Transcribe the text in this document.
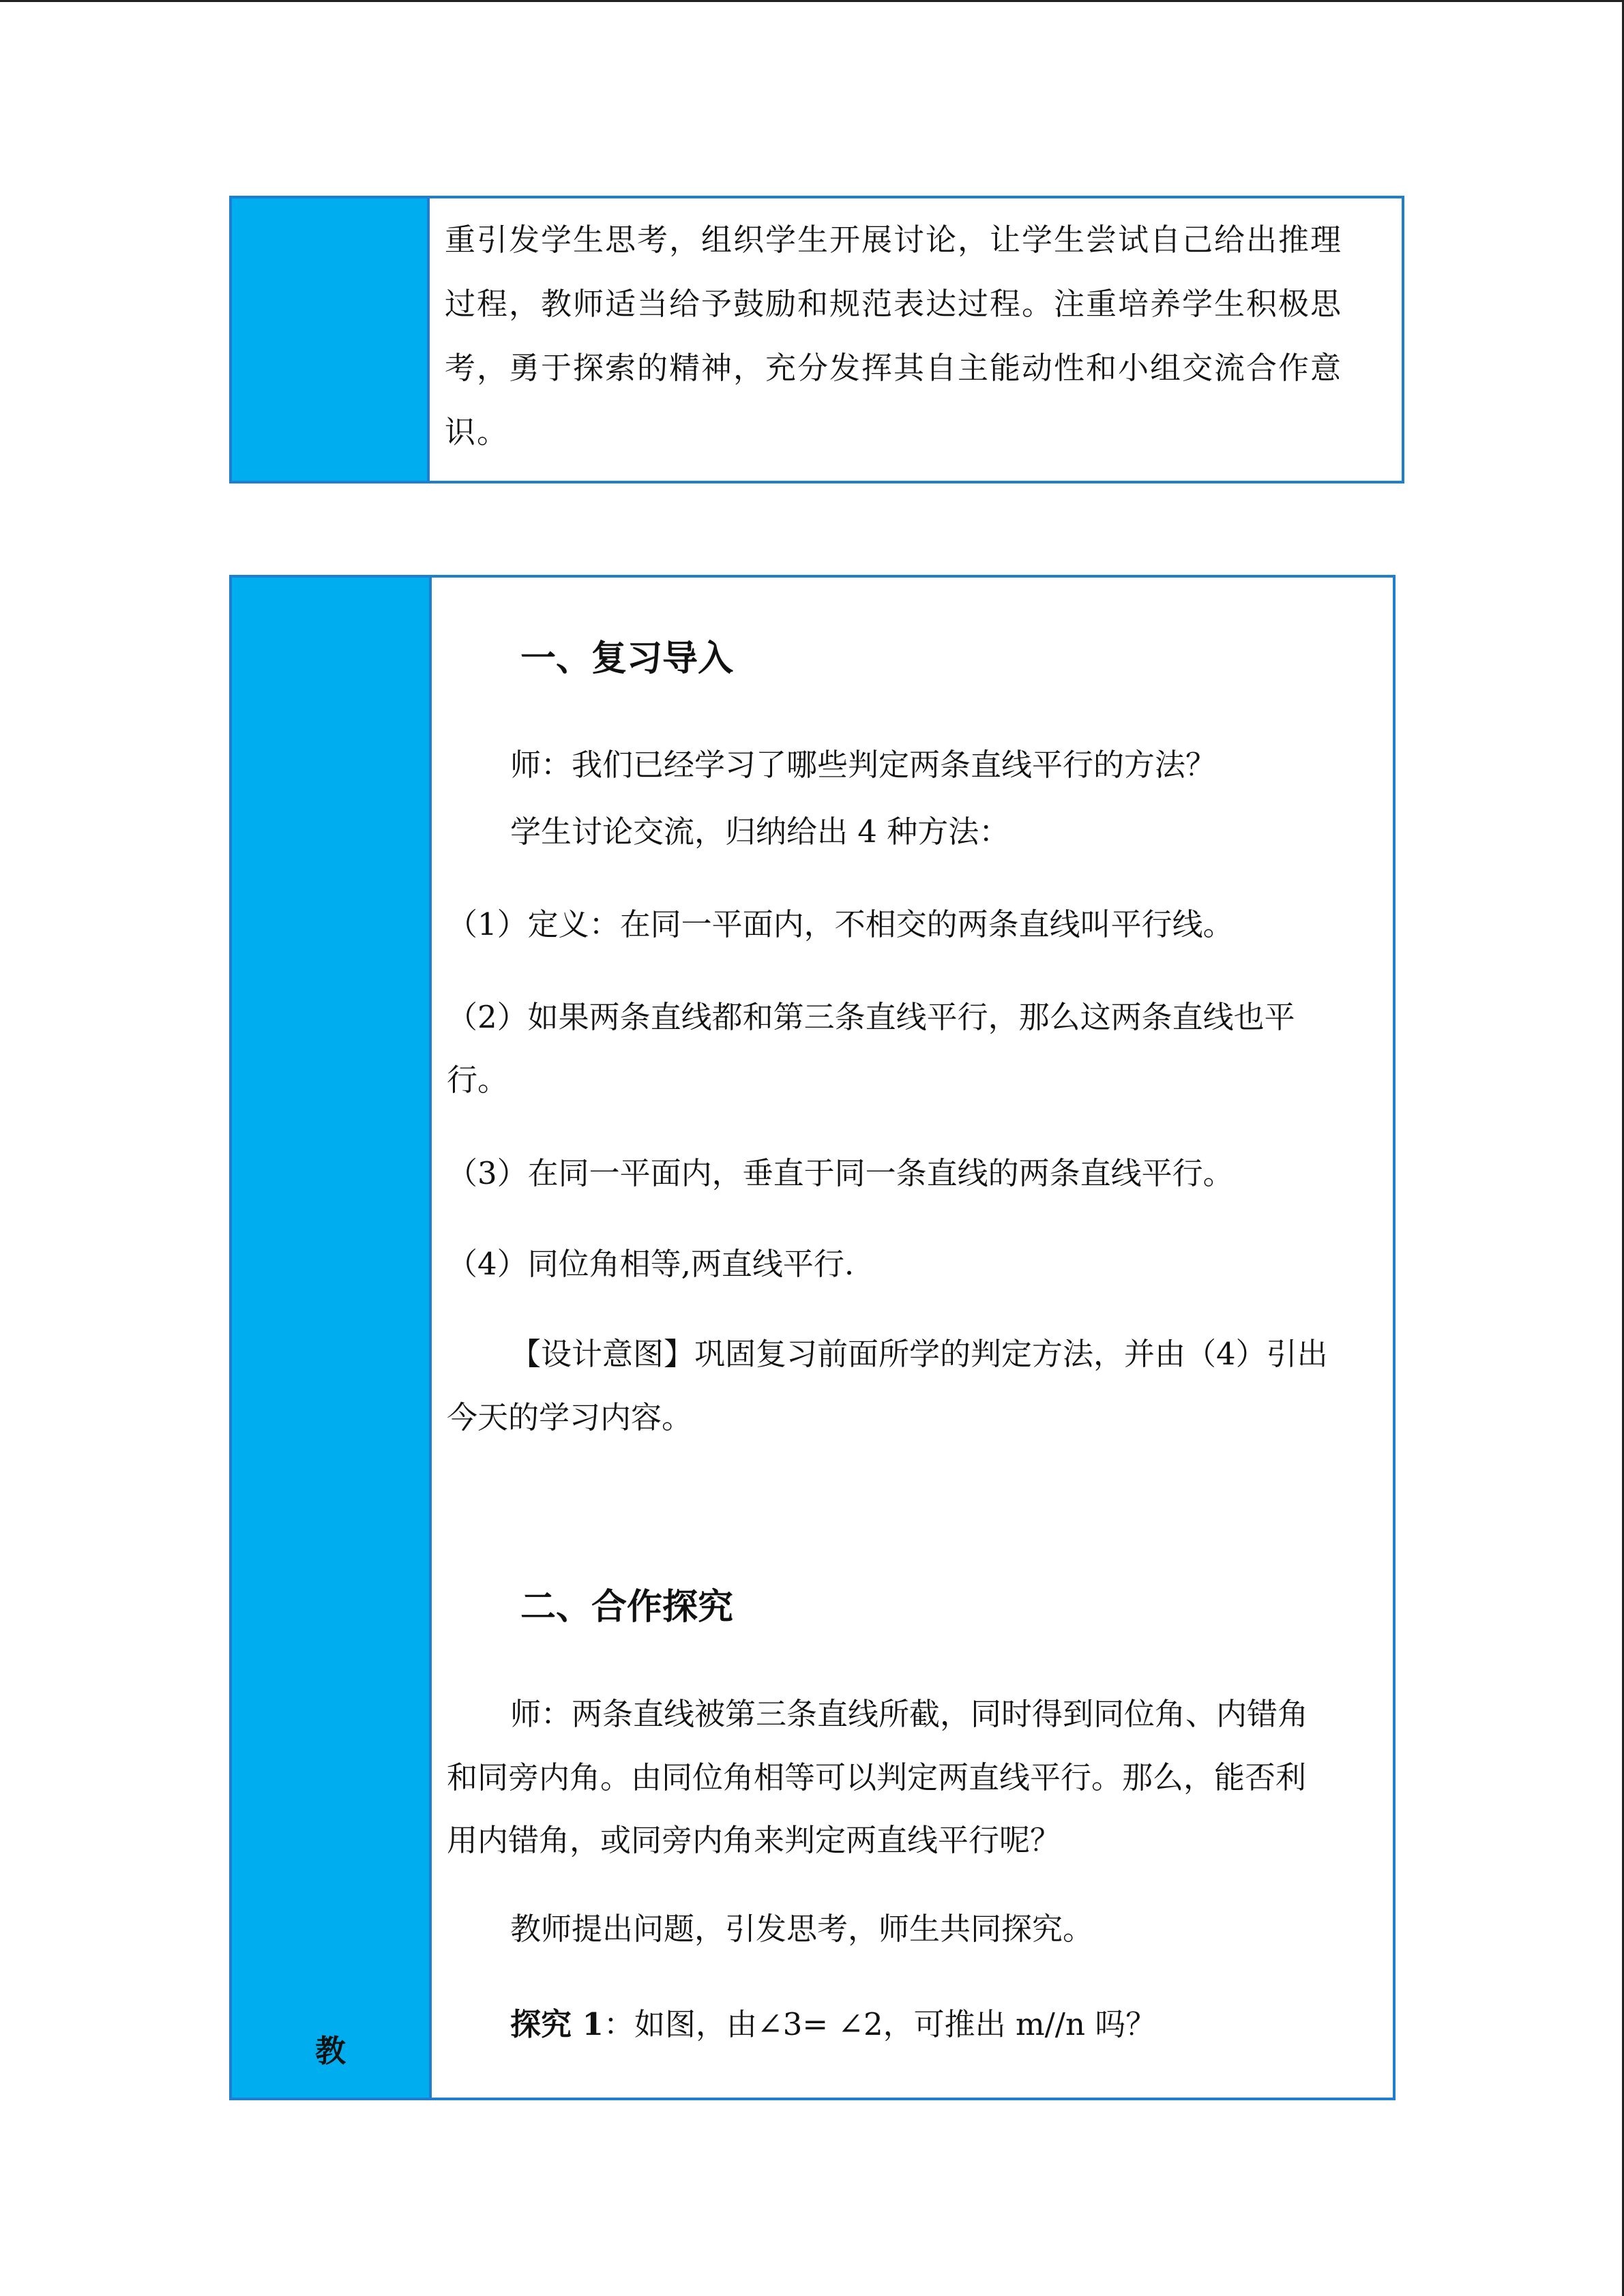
重引发学生思考，组织学生开展讨论，让学生尝试自己给出推理

过程，教师适当给予鼓励和规范表达过程。注重培养学生积极思

考，勇于探索的精神，充分发挥其自主能动性和小组交流合作意

识。

教

一、复习导入

师：我们已经学习了哪些判定两条直线平行的方法？

学生讨论交流，归纳给出 4 种方法：

（1）定义：在同一平面内，不相交的两条直线叫平行线。

（2）如果两条直线都和第三条直线平行，那么这两条直线也平

行。

（3）在同一平面内，垂直于同一条直线的两条直线平行。

（4）同位角相等,两直线平行.

【设计意图】巩固复习前面所学的判定方法，并由（4）引出

今天的学习内容。

二、合作探究

师：两条直线被第三条直线所截，同时得到同位角、内错角

和同旁内角。由同位角相等可以判定两直线平行。那么，能否利

用内错角，或同旁内角来判定两直线平行呢？

教师提出问题，引发思考，师生共同探究。

探究 1：如图，由∠3= ∠2，可推出 m//n 吗？
